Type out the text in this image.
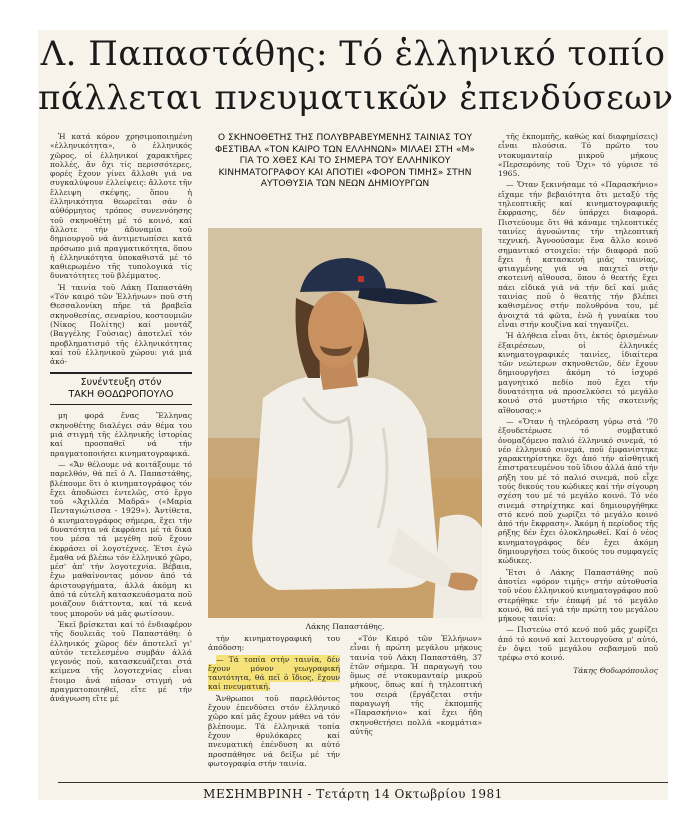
Λ. Παπαστάθης: Τό ἑλληνικό τοπίο
πάλλεται πνευματικῶν ἐπενδύσεων

Ἡ κατά κόρον χρησιμοποιημένη «ἑλληνικότητα», ὁ ἑλληνικός χῶρος, οἱ ἑλληνικοί χαρακτῆρες πολλές, ἄν ὄχι τίς περισσότερες, φορές ἔχουν γίνει ἄλλοθι γιά να συγκαλύψουν ἐλλείψεις: ἄλλοτε τῆν ἔλλειψη σκέψης, ὅπου ἡ ἑλληνικότητα θεωρεῖται σάν ὁ αὐθόρμητος τρόπος συνεννόησης τοῦ σκηνοθέτη μέ τό κοινό, καί ἄλλοτε τήν ἀδυναμία τοῦ δημιουργοῦ νά ἀντιμετωπίσει κατά πρόσωπο μιά πραγματικότητα, ὅπου ἡ ἑλληνικότητα ὑποκαθιστᾶ μέ τό καθιερωμένο τῆς τυπολογικά τίς δυνατότητες τοῦ βλέμματος.

Ἡ ταινία τοῦ Λάκη Παπαστάθη «Τόν καιρό τῶν Ἑλλήνων» ποῦ στή Θεσσαλονίκη πῆρε τά βραβεῖα σκηνοθεσίας, σεναρίου, κοστουμιῶν (Νίκος Πολίτης) καί μοντάζ (Βαγγέλης Γούσιας) ἀποτελεῖ τόν προβληματισμό τῆς ἑλληνικότητας καί τοῦ ἑλληνικοῦ χώρου: γιά μιά ἀκό-

Συνέντευξη στόν
ΤΑΚΗ ΘΟΔΩΡΟΠΟΥΛΟ

μη φορά ἕνας Ἕλληνας σκηνοθέτης διαλέγει σάν θέμα του μιά στιγμή τῆς ἑλληνικῆς ἱστορίας καί προσπαθεῖ νά τήν πραγματοποιήσει κινηματογραφικά.

— «Ἄν θέλουμε νά κοιτάξουμε τό παρελθόν, θά πεῖ ὁ Λ. Παπαστάθης, βλέπουμε ὅτι ὁ κινηματογράφος τόν ἔχει ἀποδώσει ἐντελῶς, στό ἔργο τοῦ «Ἀχιλλέα Μαδρᾶ» («Μαρία Πενταγιώτισσα - 1929»). Ἀντίθετα, ὁ κινηματογράφος σήμερα, ἔχει τήν δυνατότητα νά ἐκφράσει μέ τά δικά του μέσα τά μεγέθη ποῦ ἔχουν ἐκφράσει οἱ λογοτέχνες. Ἐτσι ἐγώ ἔμαθα νά βλέπω τόν ἑλληνικό χῶρο, μέσ' ἀπ' τήν λογοτεχνία. Βέβαια, ἔχω μαθαίνοντας μόνον ἀπό τά ἀριστουργήματα, ἀλλά ἀκόμη κι ἀπό τά εὐτελῆ κατασκευάσματα ποῦ μοιάζουν διάττοντα, καί τά κενά τους μποροῦν νά μᾶς φωτίσουν.

Ἐκεῖ βρίσκεται καί τό ἐνδιαφέρον τῆς δουλειᾶς τοῦ Παπαστάθη: ὁ ἑλληνικός χῶρος δέν ἀποτελεῖ γι' αὐτόν τετελεσμένο συμβάν ἀλλά γεγονός ποῦ, κατασκευάζεται στά κείμενα τῆς λογοτεχνίας εἶναι ἕτοιμο ἀνά πᾶσαν στιγμή νά πραγματοποιηθεῖ, εἴτε μέ τήν ἀνάγνωση εἴτε μέ

Ο ΣΚΗΝΟΘΕΤΗΣ ΤΗΣ ΠΟΛΥΒΡΑΒΕΥΜΕΝΗΣ ΤΑΙΝΙΑΣ ΤΟΥ ΦΕΣΤΙΒΑΛ «ΤΟΝ ΚΑΙΡΟ ΤΩΝ ΕΛΛΗΝΩΝ» ΜΙΛΑΕΙ ΣΤΗ «Μ» ΓΙΑ ΤΟ ΧΘΕΣ ΚΑΙ ΤΟ ΣΗΜΕΡΑ ΤΟΥ ΕΛΛΗΝΙΚΟΥ ΚΙΝΗΜΑΤΟΓΡΑΦΟΥ ΚΑΙ ΑΠΟΤΙΕΙ «ΦΟΡΟΝ ΤΙΜΗΣ» ΣΤΗΝ ΑΥΤΟΘΥΣΙΑ ΤΩΝ ΝΕΩΝ ΔΗΜΙΟΥΡΓΩΝ
Λάκης Παπαστάθης.

τήν κινηματογραφική του ἀπόδοση:

— Τά τοπία στήν ταινία, δέν ἔχουν μόνον γεωγραφική ταυτότητα, θά πεῖ ὁ ἴδιος, ἔχουν καί πνευματική.

Ἄνθρωποι τοῦ παρελθόντος ἔχουν ἐπενδύσει στόν ἑλληνικό χῶρο καί μᾶς ἔχουν μάθει νά τόν βλέπουμε. Τά ἑλληνικά τοπία ἔχουν θρυλόκαρες καί πνευματική ἐπένδυση κι αὐτό προσπάθησε νά δείξω μέ τήν φωτογραφία στήν ταινία.

«Τόν Καιρό τῶν Ἑλλήνων» εἶναι ἡ πρώτη μεγάλου μήκους ταινία τοῦ Λάκη Παπαστάθη, 37 ἐτῶν σήμερα. Ἡ παραγωγή του ὅμως σέ ντοκυμανταίρ μικροῦ μήκους, ὅπως καί ἡ τηλεοπτική του σειρά (ἔργάζεται στήν παραγωγή τῆς ἐκπομπῆς «Παρασκήνιο» καί ἔχει ἤδη σκηνοθετήσει πολλά «κομμάτια» αὐτῆς

τῆς ἐκπομπῆς, καθώς καί διαφημίσεις) εἶναι πλούσια. Τό πρῶτο του ντοκυμανταίρ μικροῦ μήκους «Περσεφόνης τοῦ Ὄχι» τό γύρισε τό 1965.

— Ὅταν ξεκινήσαμε τό «Παρασκήνιο» εἴχαμε τήν βεβαιότητα ὅτι μεταξύ τῆς τηλεοπτικῆς καί κινηματογραφικῆς ἔκφρασης, δέν ὑπάρχει διαφορά. Πιστεύουμε ὅτι θά κάναμε τηλεοπτικές ταινίες ἀγνοώντας τήν τηλεοπτική τεχνική. Ἀγνοούσαμε ἕνα ἄλλο κοινό σημαντικό στοιχεῖο: τήν διαφορά ποῦ ἔχει ἡ κατασκευή μιᾶς ταινίας, φτιαγμένης γιά να παιχτεῖ στήν σκοτεινή αἴθουσα, ὅπου ὁ θεατής ἔχει πάει εἰδικά γιά νά τήν δεῖ καί μιᾶς ταινίας ποῦ ὁ θεατής τήν βλέπει καθισμένος στήν πολυθρόνα του, μέ ἀνοιχτά τά φῶτα, ἐνῶ ἡ γυναίκα του εἶναι στήν κουζίνα καί τηγανίζει.

Ἡ ἀλήθεια εἶναι ὅτι, ἐκτός ὁρισμένων ἐξαιρέσεων, οἱ ἑλληνικές κινηματογραφικές ταινίες, ἰδιαίτερα τῶν νεώτερων σκηνοθετῶν, δέν ἔχουν δημιουργήσει ἀκόμη τό ἰσχυρό μαγνητικό πεδίο ποῦ ἔχει τήν δυνατότητα νά προσελκύσει τό μεγάλο κοινό στό μυστήριο τῆς σκοτεινῆς αἴθουσας:»

— «Ὅταν ἡ τηλεόραση γύρω στά '70 ἐξουδετέρωσε τό συμβατικό ὀνομαζόμενο παλιό ἑλληνικό σινεμά, τό νέο ἑλληνικό σινεμά, ποῦ ἐμφανίστηκε χαρακτηρίστηκε ὅχι ἀπό τήν αἰσθητική ἐπιστρατευμένου τοῦ ἴδιου ἀλλά ἀπό τήν ρήξη του μέ τό παλιό σινεμά, ποῦ εἶχε τούς δικούς του κώδικες καί τήν σίγουρη σχέση του μέ τό μεγάλο κοινό. Τό νέο σινεμά στηρίχτηκε καί δημιουργήθηκε στό κενό ποῦ χωρίζει τό μεγάλο κοινό ἀπό τήν ἔκφραση». Ἀκόμη ἡ περίοδος τῆς ρήξης δέν ἔχει ὁλοκληρωθεῖ. Καί ὁ νέος κινηματογράφος δέν ἔχει ἀκόμη δημιουργήσει τούς δικούς του συμφαγεῖς κώδικες.

Ἔτσι ὁ Λάκης Παπαστάθης ποῦ ἀποτίει «φόρον τιμῆς» στήν αὐτοθυσία τοῦ νέου ἑλληνικοῦ κινηματογράφου ποῦ στερήθηκε τήν ἐπαφή μέ τό μεγάλο κοινό, θά πεῖ γιά τήν πρώτη του μεγάλου μήκους ταινία:

— Πιστεύω στό κενό ποῦ μᾶς χωρίζει ἀπό τό κοινό καί λειτουργοῦσα μ' αὐτό, ἐν ὄψει τοῦ μεγάλου σεβασμοῦ ποῦ τρέφω στό κοινό.

Τάκης Θοδωρόπουλος
ΜΕΣΗΜΒΡΙΝΗ - Τετάρτη 14 Οκτωβρίου 1981
